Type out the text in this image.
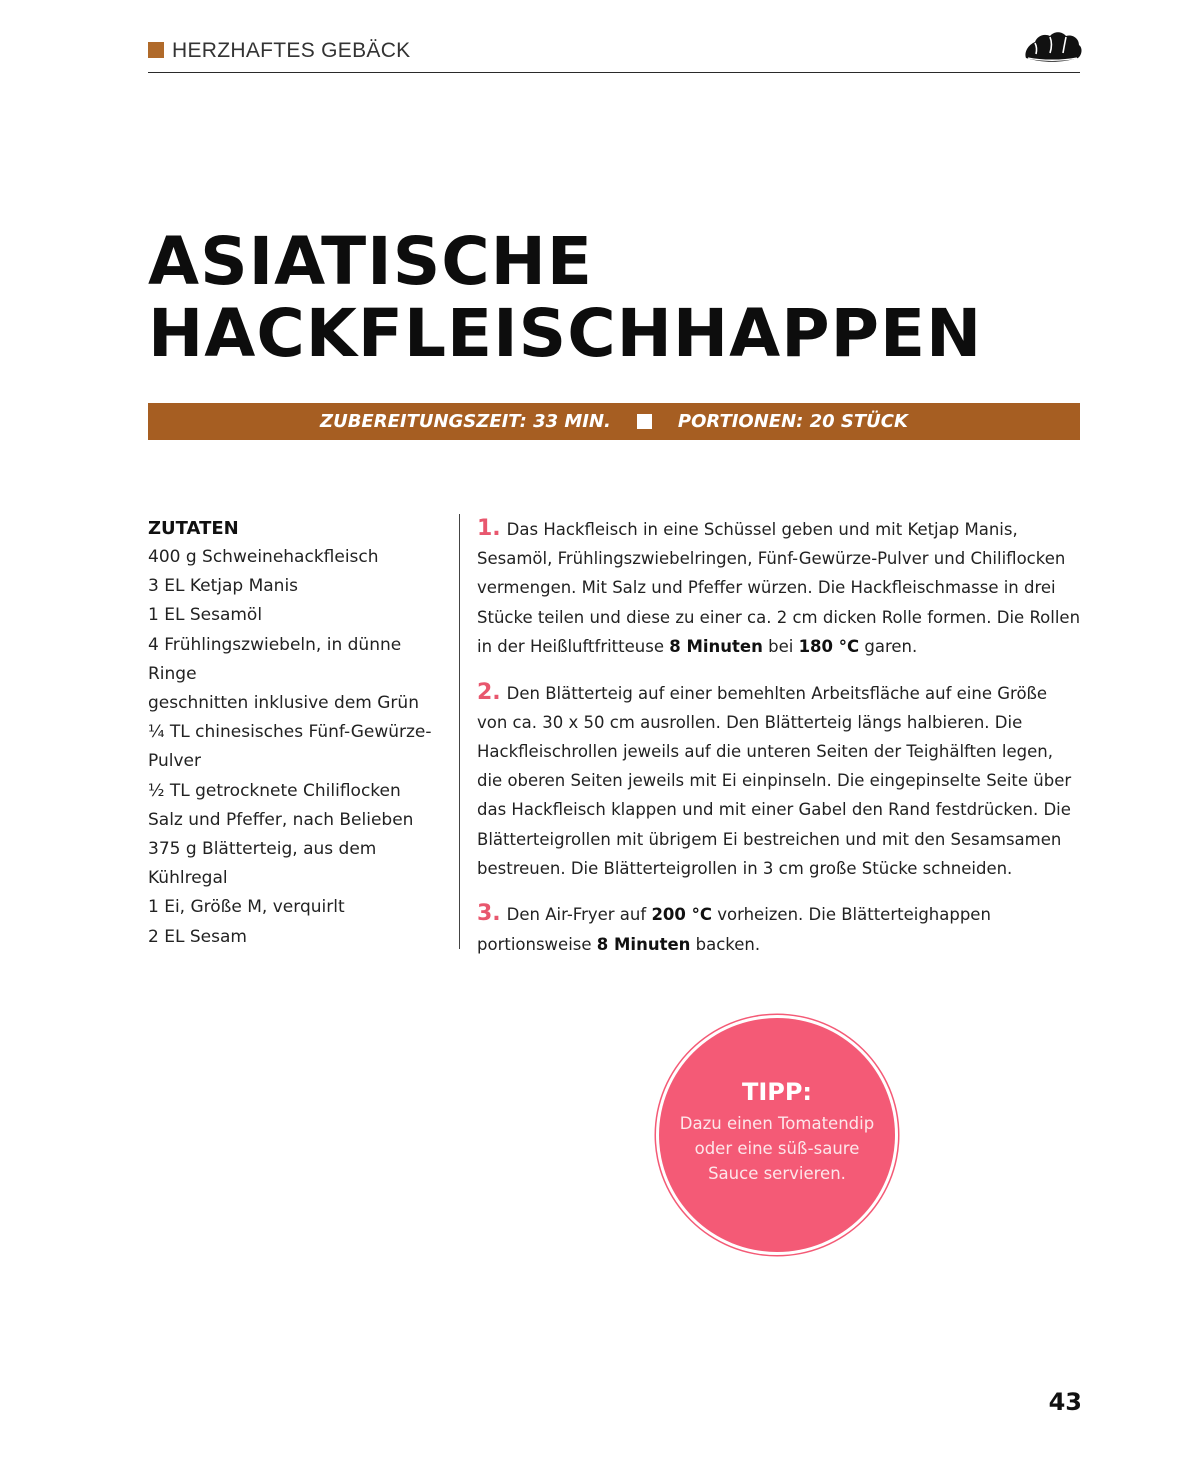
HERZHAFTES GEBÄCK
ASIATISCHE
HACKFLEISCHHAPPEN
ZUBEREITUNGSZEIT: 33 MIN.	PORTIONEN: 20 STÜCK
ZUTATEN
400 g Schweinehackfleisch
3 EL Ketjap Manis
1 EL Sesamöl
4 Frühlingszwiebeln, in dünne Ringe
geschnitten inklusive dem Grün
¼ TL chinesisches Fünf-Gewürze-
Pulver
½ TL getrocknete Chiliflocken
Salz und Pfeffer, nach Belieben
375 g Blätterteig, aus dem Kühlregal
1 Ei, Größe M, verquirlt
2 EL Sesam

1. Das Hackfleisch in eine Schüssel geben und mit Ketjap Manis, Sesamöl, Frühlingszwiebelringen, Fünf-Gewürze-Pulver und Chiliflocken vermengen. Mit Salz und Pfeffer würzen. Die Hackfleischmasse in drei Stücke teilen und diese zu einer ca. 2 cm dicken Rolle formen. Die Rollen in der Heißluftfritteuse 8 Minuten bei 180 °C garen.

2. Den Blätterteig auf einer bemehlten Arbeitsfläche auf eine Größe von ca. 30 x 50 cm ausrollen. Den Blätterteig längs halbieren. Die Hackfleischrollen jeweils auf die unteren Seiten der Teighälften legen, die oberen Seiten jeweils mit Ei einpinseln. Die eingepinselte Seite über das Hackfleisch klappen und mit einer Gabel den Rand festdrücken. Die Blätterteigrollen mit übrigem Ei bestreichen und mit den Sesamsamen bestreuen. Die Blätterteigrollen in 3 cm große Stücke schneiden.

3. Den Air-Fryer auf 200 °C vorheizen. Die Blätterteighappen portionsweise 8 Minuten backen.

TIPP:
Dazu einen Tomatendip
oder eine süß-saure
Sauce servieren.
43
